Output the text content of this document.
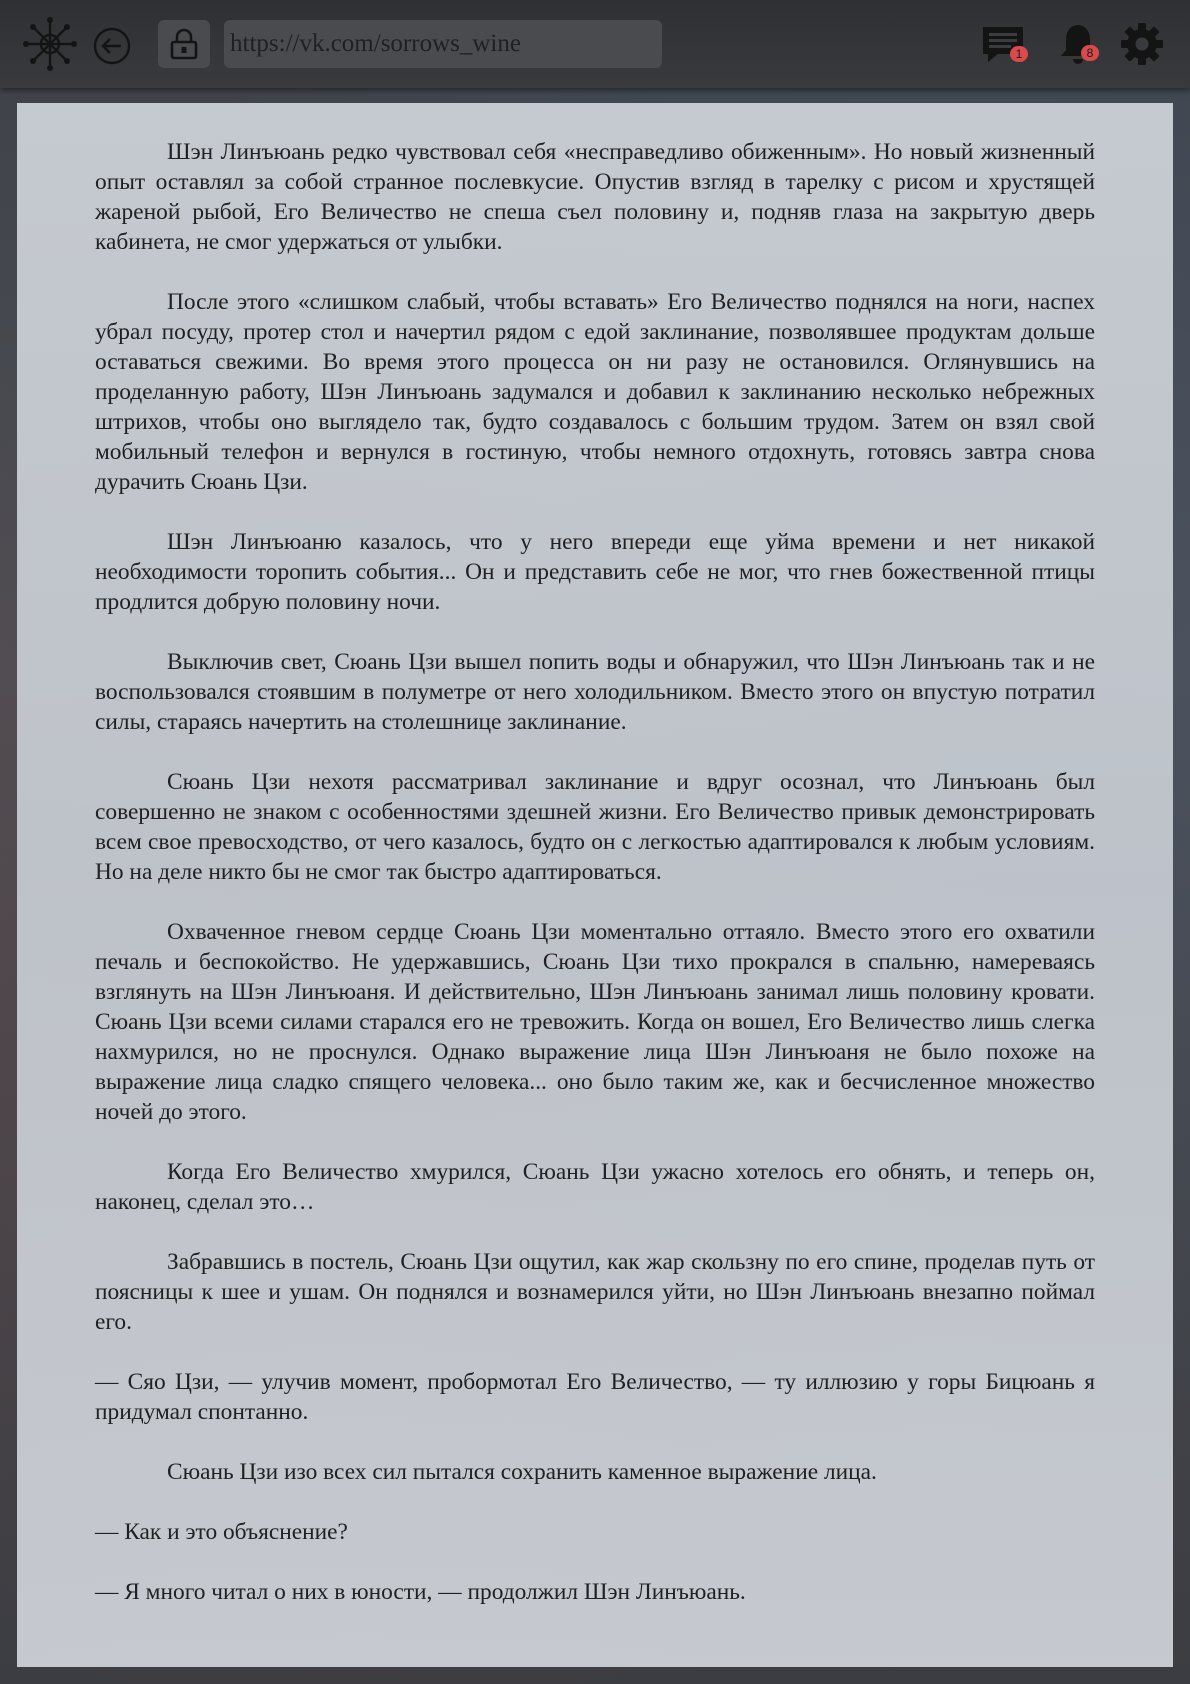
https://vk.com/sorrows_wine
1	8

Шэн Линъюань редко чувствовал себя «несправедливо обиженным». Но новый жизненный опыт оставлял за собой странное послевкусие. Опустив взгляд в тарелку с рисом и хрустящей жареной рыбой, Его Величество не спеша съел половину и, подняв глаза на закрытую дверь кабинета, не смог удержаться от улыбки.

После этого «слишком слабый, чтобы вставать» Его Величество поднялся на ноги, наспех убрал посуду, протер стол и начертил рядом с едой заклинание, позволявшее продуктам дольше оставаться свежими. Во время этого процесса он ни разу не остановился. Оглянувшись на проделанную работу, Шэн Линъюань задумался и добавил к заклинанию несколько небрежных штрихов, чтобы оно выглядело так, будто создавалось с большим трудом. Затем он взял свой мобильный телефон и вернулся в гостиную, чтобы немного отдохнуть, готовясь завтра снова дурачить Сюань Цзи.

Шэн Линъюаню казалось, что у него впереди еще уйма времени и нет никакой необходимости торопить события... Он и представить себе не мог, что гнев божественной птицы продлится добрую половину ночи.

Выключив свет, Сюань Цзи вышел попить воды и обнаружил, что Шэн Линъюань так и не воспользовался стоявшим в полуметре от него холодильником. Вместо этого он впустую потратил силы, стараясь начертить на столешнице заклинание.

Сюань Цзи нехотя рассматривал заклинание и вдруг осознал, что Линъюань был совершенно не знаком с особенностями здешней жизни. Его Величество привык демонстрировать всем свое превосходство, от чего казалось, будто он с легкостью адаптировался к любым условиям. Но на деле никто бы не смог так быстро адаптироваться.

Охваченное гневом сердце Сюань Цзи моментально оттаяло. Вместо этого его охватили печаль и беспокойство. Не удержавшись, Сюань Цзи тихо прокрался в спальню, намереваясь взглянуть на Шэн Линъюаня. И действительно, Шэн Линъюань занимал лишь половину кровати. Сюань Цзи всеми силами старался его не тревожить. Когда он вошел, Его Величество лишь слегка нахмурился, но не проснулся. Однако выражение лица Шэн Линъюаня не было похоже на выражение лица сладко спящего человека... оно было таким же, как и бесчисленное множество ночей до этого.

Когда Его Величество хмурился, Сюань Цзи ужасно хотелось его обнять, и теперь он, наконец, сделал это…

Забравшись в постель, Сюань Цзи ощутил, как жар скользну по его спине, проделав путь от поясницы к шее и ушам. Он поднялся и вознамерился уйти, но Шэн Линъюань внезапно поймал его.

— Сяо Цзи, — улучив момент, пробормотал Его Величество, — ту иллюзию у горы Бицюань я придумал спонтанно.

Сюань Цзи изо всех сил пытался сохранить каменное выражение лица.

— Как и это объяснение?

— Я много читал о них в юности, — продолжил Шэн Линъюань.
